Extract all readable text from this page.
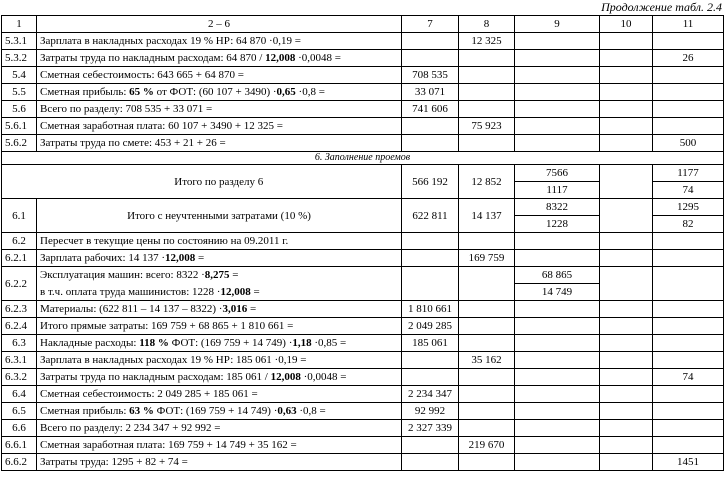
Продолжение табл. 2.4
1	2 – 6	7	8	9	10	11
5.3.1	Зарплата в накладных расходах 19 % НР: 64 870 ·0,19 =		12 325			
5.3.2	Затраты труда по накладным расходам: 64 870 / 12,008 ·0,0048 =					26
5.4	Сметная себестоимость: 643 665 + 64 870 =	708 535				
5.5	Сметная прибыль: 65 % от ФОТ: (60 107 + 3490) ·0,65 ·0,8 =	33 071				
5.6	Всего по разделу: 708 535 + 33 071 =	741 606				
5.6.1	Сметная заработная плата: 60 107 + 3490 + 12 325 =		75 923			
5.6.2	Затраты труда по смете: 453 + 21 + 26 =					500
6. Заполнение проемов						
	Итого по разделу 6	566 192	12 852	7566		1177
				1117		74
6.1	Итого с неучтенными затратами (10 %)	622 811	14 137	8322		1295
				1228		82
6.2	Пересчет в текущие цены по состоянию на 09.2011 г.					
6.2.1	Зарплата рабочих: 14 137 ·12,008 =		169 759			
6.2.2	Эксплуатация машин: всего: 8322 ·8,275 =			68 865		
	в т.ч. оплата труда машинистов: 1228 ·12,008 =			14 749		
6.2.3	Материалы: (622 811 – 14 137 – 8322) ·3,016 =	1 810 661				
6.2.4	Итого прямые затраты: 169 759 + 68 865 + 1 810 661 =	2 049 285				
6.3	Накладные расходы: 118 % ФОТ: (169 759 + 14 749) ·1,18 ·0,85 =	185 061				
6.3.1	Зарплата в накладных расходах 19 % НР: 185 061 ·0,19 =		35 162			
6.3.2	Затраты труда по накладным расходам: 185 061 / 12,008 ·0,0048 =					74
6.4	Сметная себестоимость: 2 049 285 + 185 061 =	2 234 347				
6.5	Сметная прибыль: 63 % ФОТ: (169 759 + 14 749) ·0,63 ·0,8 =	92 992				
6.6	Всего по разделу: 2 234 347 + 92 992 =	2 327 339				
6.6.1	Сметная заработная плата: 169 759 + 14 749 + 35 162 =		219 670			
6.6.2	Затраты труда: 1295 + 82 + 74 =					1451
